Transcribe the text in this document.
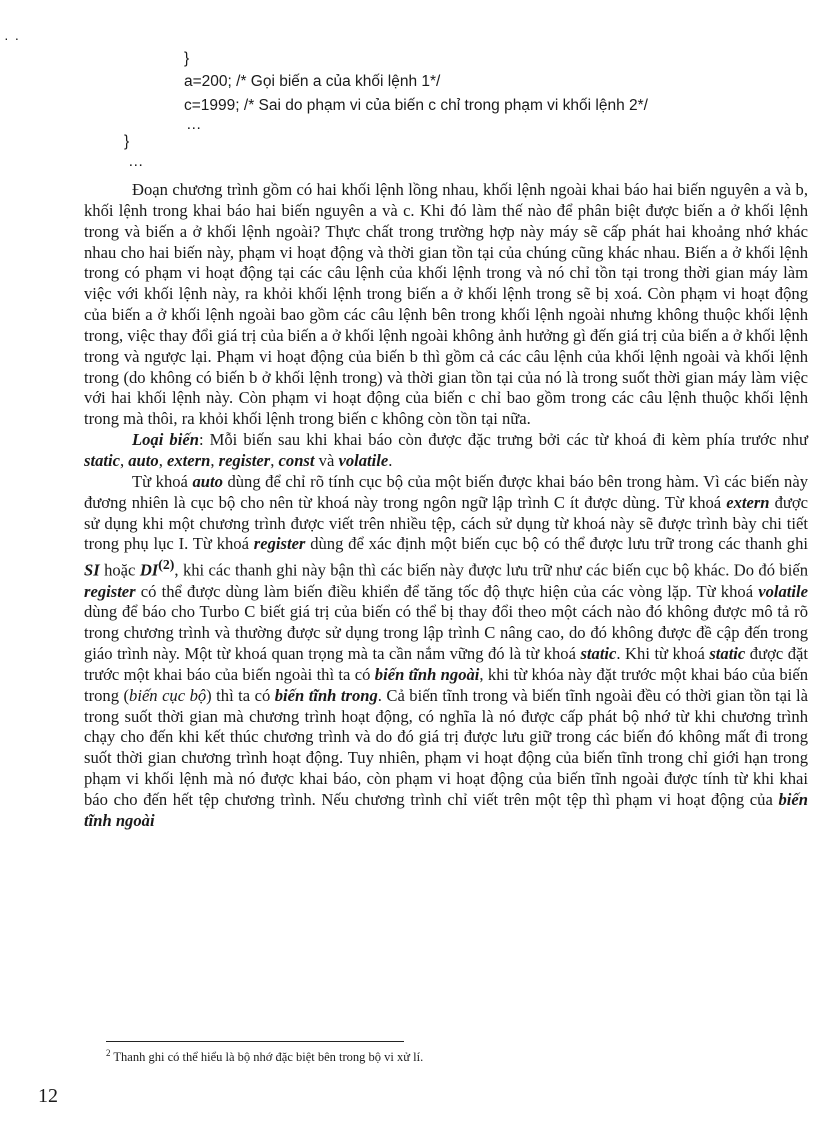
· ·
}
a=200; /* Gọi biến a của khối lệnh 1*/
c=1999; /* Sai do phạm vi của biến c chỉ trong phạm vi khối lệnh 2*/
…
}
…

Đoạn chương trình gồm có hai khối lệnh lồng nhau, khối lệnh ngoài khai báo hai biến nguyên a và b, khối lệnh trong khai báo hai biến nguyên a và c. Khi đó làm thế nào để phân biệt được biến a ở khối lệnh trong và biến a ở khối lệnh ngoài? Thực chất trong trường hợp này máy sẽ cấp phát hai khoảng nhớ khác nhau cho hai biến này, phạm vi hoạt động và thời gian tồn tại của chúng cũng khác nhau. Biến a ở khối lệnh trong có phạm vi hoạt động tại các câu lệnh của khối lệnh trong và nó chỉ tồn tại trong thời gian máy làm việc với khối lệnh này, ra khỏi khối lệnh trong biến a ở khối lệnh trong sẽ bị xoá. Còn phạm vi hoạt động của biến a ở khối lệnh ngoài bao gồm các câu lệnh bên trong khối lệnh ngoài nhưng không thuộc khối lệnh trong, việc thay đổi giá trị của biến a ở khối lệnh ngoài không ảnh hưởng gì đến giá trị của biến a ở khối lệnh trong và ngược lại. Phạm vi hoạt động của biến b thì gồm cả các câu lệnh của khối lệnh ngoài và khối lệnh trong (do không có biến b ở khối lệnh trong) và thời gian tồn tại của nó là trong suốt thời gian máy làm việc với hai khối lệnh này. Còn phạm vi hoạt động của biến c chỉ bao gồm trong các câu lệnh thuộc khối lệnh trong mà thôi, ra khỏi khối lệnh trong biến c không còn tồn tại nữa.

Loại biến: Mỗi biến sau khi khai báo còn được đặc trưng bởi các từ khoá đi kèm phía trước như static, auto, extern, register, const và volatile.

Từ khoá auto dùng để chỉ rõ tính cục bộ của một biến được khai báo bên trong hàm. Vì các biến này đương nhiên là cục bộ cho nên từ khoá này trong ngôn ngữ lập trình C ít được dùng. Từ khoá extern được sử dụng khi một chương trình được viết trên nhiều tệp, cách sử dụng từ khoá này sẽ được trình bày chi tiết trong phụ lục I. Từ khoá register dùng để xác định một biến cục bộ có thể được lưu trữ trong các thanh ghi SI hoặc DI$^{(2)}$, khi các thanh ghi này bận thì các biến này được lưu trữ như các biến cục bộ khác. Do đó biến register có thể được dùng làm biến điều khiển để tăng tốc độ thực hiện của các vòng lặp. Từ khoá volatile dùng để báo cho Turbo C biết giá trị của biến có thể bị thay đổi theo một cách nào đó không được mô tả rõ trong chương trình và thường được sử dụng trong lập trình C nâng cao, do đó không được đề cập đến trong giáo trình này. Một từ khoá quan trọng mà ta cần nắm vững đó là từ khoá static. Khi từ khoá static được đặt trước một khai báo của biến ngoài thì ta có biến tĩnh ngoài, khi từ khóa này đặt trước một khai báo của biến trong (biến cục bộ) thì ta có biến tĩnh trong. Cả biến tĩnh trong và biến tĩnh ngoài đều có thời gian tồn tại là trong suốt thời gian mà chương trình hoạt động, có nghĩa là nó được cấp phát bộ nhớ từ khi chương trình chạy cho đến khi kết thúc chương trình và do đó giá trị được lưu giữ trong các biến đó không mất đi trong suốt thời gian chương trình hoạt động. Tuy nhiên, phạm vi hoạt động của biến tĩnh trong chỉ giới hạn trong phạm vi khối lệnh mà nó được khai báo, còn phạm vi hoạt động của biến tĩnh ngoài được tính từ khi khai báo cho đến hết tệp chương trình. Nếu chương trình chỉ viết trên một tệp thì phạm vi hoạt động của biến tĩnh ngoài

$^2$ Thanh ghi có thể hiểu là bộ nhớ đặc biệt bên trong bộ vi xử lí.
12
